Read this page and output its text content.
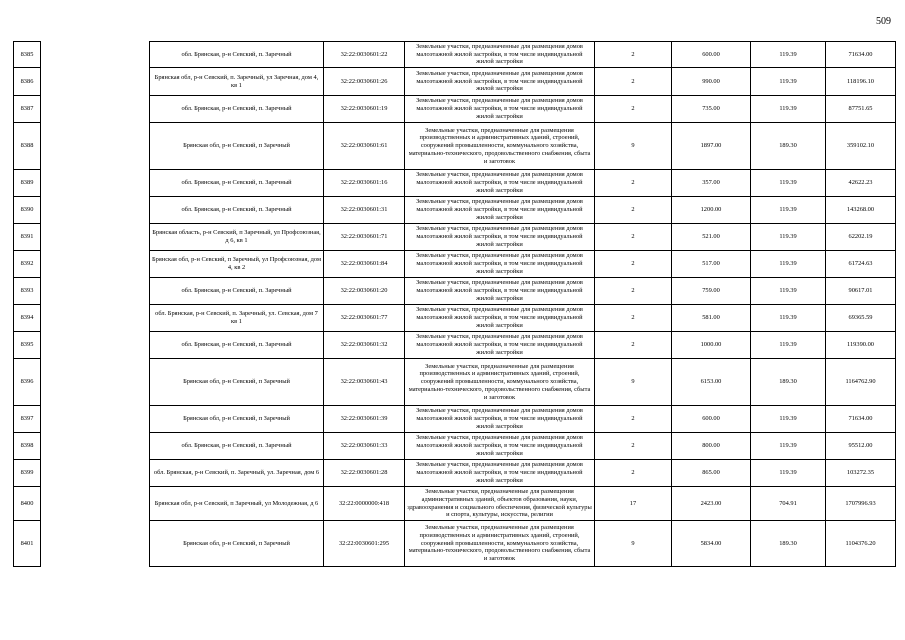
509
8385		обл. Брянская, р-н Севский, п. Заречный	32:22:0030601:22	Земельные участки, предназначенные для размещения домов малоэтажной жилой застройки, в том числе индивидуальной жилой застройки	2	600.00	119.39	71634.00
8386		Брянская обл, р-н Севский, п. Заречный, ул Заречная, дом 4, кв 1	32:22:0030601:26	Земельные участки, предназначенные для размещения домов малоэтажной жилой застройки, в том числе индивидуальной жилой застройки	2	990.00	119.39	118196.10
8387		обл. Брянская, р-н Севский, п. Заречный	32:22:0030601:19	Земельные участки, предназначенные для размещения домов малоэтажной жилой застройки, в том числе индивидуальной жилой застройки	2	735.00	119.39	87751.65
8388		Брянская обл, р-н Севский, п Заречный	32:22:0030601:61	Земельные участки, предназначенные для размещения производственных и административных зданий, строений, сооружений промышленности, коммунального хозяйства, материально-технического, продовольственного снабжения, сбыта и заготовок	9	1897.00	189.30	359102.10
8389		обл. Брянская, р-н Севский, п. Заречный	32:22:0030601:16	Земельные участки, предназначенные для размещения домов малоэтажной жилой застройки, в том числе индивидуальной жилой застройки	2	357.00	119.39	42622.23
8390		обл. Брянская, р-н Севский, п. Заречный	32:22:0030601:31	Земельные участки, предназначенные для размещения домов малоэтажной жилой застройки, в том числе индивидуальной жилой застройки	2	1200.00	119.39	143268.00
8391		Брянская область, р-н Севский, п Заречный, ул Профсоюзная, д 6, кв 1	32:22:0030601:71	Земельные участки, предназначенные для размещения домов малоэтажной жилой застройки, в том числе индивидуальной жилой застройки	2	521.00	119.39	62202.19
8392		Брянская обл, р-н Севский, п Заречный, ул Профсоюзная, дом 4, кв 2	32:22:0030601:84	Земельные участки, предназначенные для размещения домов малоэтажной жилой застройки, в том числе индивидуальной жилой застройки	2	517.00	119.39	61724.63
8393		обл. Брянская, р-н Севский, п. Заречный	32:22:0030601:20	Земельные участки, предназначенные для размещения домов малоэтажной жилой застройки, в том числе индивидуальной жилой застройки	2	759.00	119.39	90617.01
8394		обл. Брянская, р-н Севский, п. Заречный, ул. Севская, дом 7 кв 1	32:22:0030601:77	Земельные участки, предназначенные для размещения домов малоэтажной жилой застройки, в том числе индивидуальной жилой застройки	2	581.00	119.39	69365.59
8395		обл. Брянская, р-н Севский, п. Заречный	32:22:0030601:32	Земельные участки, предназначенные для размещения домов малоэтажной жилой застройки, в том числе индивидуальной жилой застройки	2	1000.00	119.39	119390.00
8396		Брянская обл, р-н Севский, п Заречный	32:22:0030601:43	Земельные участки, предназначенные для размещения производственных и административных зданий, строений, сооружений промышленности, коммунального хозяйства, материально-технического, продовольственного снабжения, сбыта и заготовок	9	6153.00	189.30	1164762.90
8397		Брянская обл, р-н Севский, п Заречный	32:22:0030601:39	Земельные участки, предназначенные для размещения домов малоэтажной жилой застройки, в том числе индивидуальной жилой застройки	2	600.00	119.39	71634.00
8398		обл. Брянская, р-н Севский, п. Заречный	32:22:0030601:33	Земельные участки, предназначенные для размещения домов малоэтажной жилой застройки, в том числе индивидуальной жилой застройки	2	800.00	119.39	95512.00
8399		обл. Брянская, р-н Севский, п. Заречный, ул. Заречная, дом 6	32:22:0030601:28	Земельные участки, предназначенные для размещения домов малоэтажной жилой застройки, в том числе индивидуальной жилой застройки	2	865.00	119.39	103272.35
8400		Брянская обл, р-н Севский, п Заречный, ул Молодежная, д 6	32:22:0000000:418	Земельные участки, предназначенные для размещения административных зданий, объектов образования, науки, здравоохранения и социального обеспечения, физической культуры и спорта, культуры, искусства, религии	17	2423.00	704.91	1707996.93
8401		Брянская обл, р-н Севский, п Заречный	32:22:0030601:295	Земельные участки, предназначенные для размещения производственных и административных зданий, строений, сооружений промышленности, коммунального хозяйства, материально-технического, продовольственного снабжения, сбыта и заготовок	9	5834.00	189.30	1104376.20
